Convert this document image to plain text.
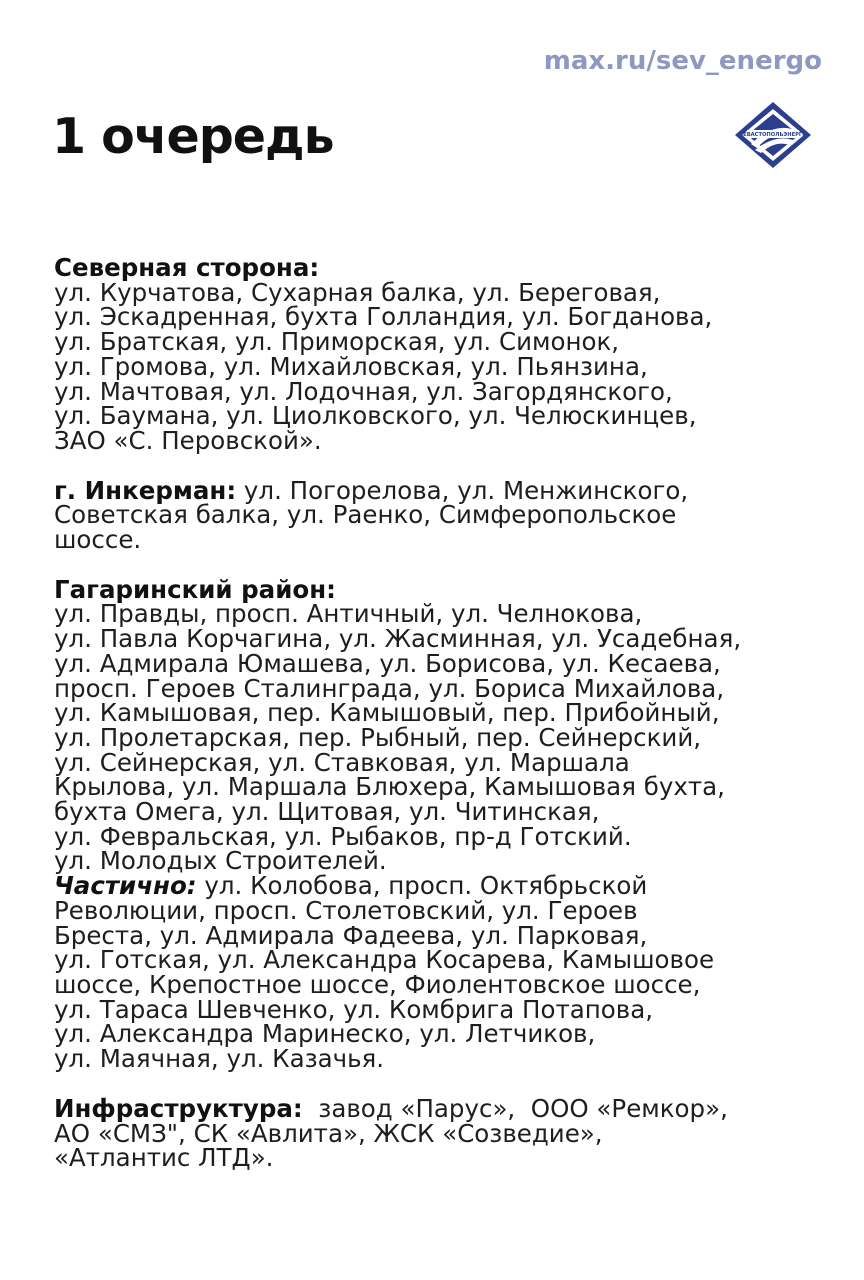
max.ru/sev_energo
1 очередь	СЕВАСТОПОЛЬЭНЕРГО
Северная сторона:
ул. Курчатова, Сухарная балка, ул. Береговая,
ул. Эскадренная, бухта Голландия, ул. Богданова,
ул. Братская, ул. Приморская, ул. Симонок,
ул. Громова, ул. Михайловская, ул. Пьянзина,
ул. Мачтовая, ул. Лодочная, ул. Загордянского,
ул. Баумана, ул. Циолковского, ул. Челюскинцев,
ЗАО «С. Перовской».
г. Инкерман: ул. Погорелова, ул. Менжинского,
Советская балка, ул. Раенко, Симферопольское
шоссе.
Гагаринский район:
ул. Правды, просп. Античный, ул. Челнокова,
ул. Павла Корчагина, ул. Жасминная, ул. Усадебная,
ул. Адмирала Юмашева, ул. Борисова, ул. Кесаева,
просп. Героев Сталинграда, ул. Бориса Михайлова,
ул. Камышовая, пер. Камышовый, пер. Прибойный,
ул. Пролетарская, пер. Рыбный, пер. Сейнерский,
ул. Сейнерская, ул. Ставковая, ул. Маршала
Крылова, ул. Маршала Блюхера, Камышовая бухта,
бухта Омега, ул. Щитовая, ул. Читинская,
ул. Февральская, ул. Рыбаков, пр-д Готский.
ул. Молодых Строителей.
Частично: ул. Колобова, просп. Октябрьской
Революции, просп. Столетовский, ул. Героев
Бреста, ул. Адмирала Фадеева, ул. Парковая,
ул. Готская, ул. Александра Косарева, Камышовое
шоссе, Крепостное шоссе, Фиолентовское шоссе,
ул. Тараса Шевченко, ул. Комбрига Потапова,
ул. Александра Маринеско, ул. Летчиков,
ул. Маячная, ул. Казачья.
Инфраструктура:  завод «Парус»,  ООО «Ремкор»,
АО «СМЗ", СК «Авлита», ЖСК «Созведие»,
«Атлантис ЛТД».
